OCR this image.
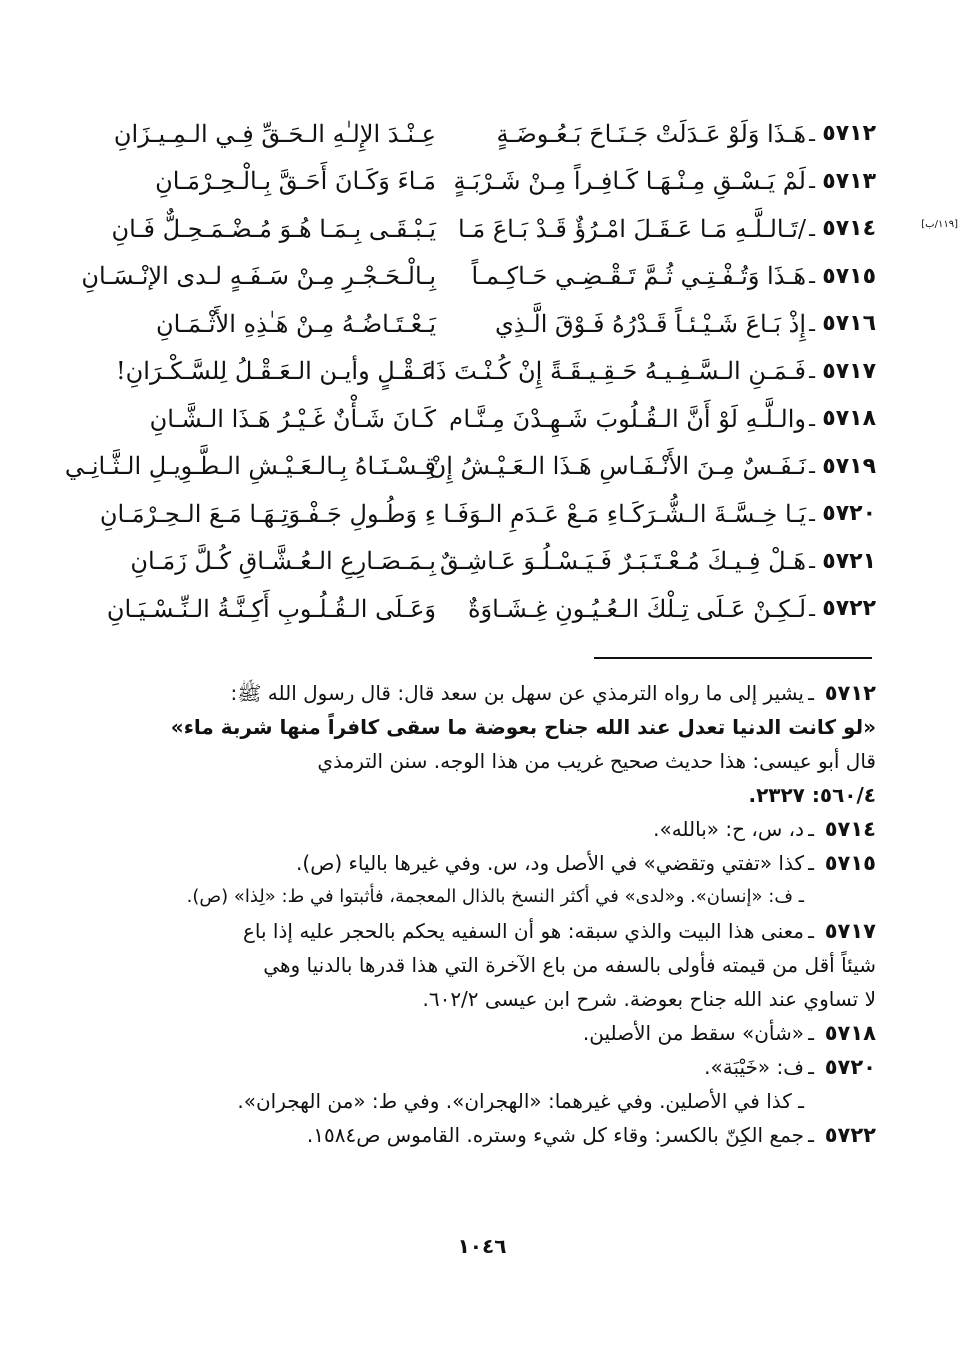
٥٧١٢
ـ
هَـذَا وَلَوْ عَـدَلَتْ جَـنَـاحَ بَـعُـوضَـةٍ
عِـنْـدَ الإِلـٰهِ الـحَـقِّ فِـي الـمِـيـزَانِ
٥٧١٣
ـ
لَمْ يَـسْـقِ مِـنْـهَـا كَـافِـراً مِـنْ شَـرْبَـةٍ
مَـاءَ وَكَـانَ أَحَـقَّ بِـالْـحِـرْمَـانِ
[١١٩/ب]
٥٧١٤
ـ
/تَـالـلَّـهِ مَـا عَـقَـلَ امْـرُؤٌ قَـدْ بَـاعَ مَـا
يَـبْـقَـى بِـمَـا هُـوَ مُـضْـمَـحِـلٌّ فَـانِ
٥٧١٥
ـ
هَـذَا وَتُـفْـتِـي ثُـمَّ تَـقْـضِـي حَـاكِـمـاً
بِـالْـحَـجْـرِ مِـنْ سَـفَـهٍ لـدى الإنْـسَـانِ
٥٧١٦
ـ
إِذْ بَـاعَ شَـيْـئـاً قَـدْرُهُ فَـوْقَ الَّـذِي
يَـعْـتَـاضُـهُ مِـنْ هَـٰذِهِ الأَثْـمَـانِ
٥٧١٧
ـ
فَـمَـنِ الـسَّـفِـيـهُ حَـقِـيـقَـةً إِنْ كُـنْـتَ ذَا
عَـقْـلٍ وأيـن الـعَـقْـلُ لِلسَّـكْـرَانِ!
٥٧١٨
ـ
والـلَّـهِ لَوْ أَنَّ الـقُـلُوبَ شَـهِـدْنَ مِـنَّـا
م
كَـانَ شَـأْنٌ غَـيْـرُ هَـذَا الـشَّـانِ
٥٧١٩
ـ
نَـفَـسٌ مِـنَ الأَنْـفَـاسِ هَـذَا الـعَـيْـشُ إِنْ
قِـسْـنَـاهُ بِـالـعَـيْـشِ الـطَّـوِيـلِ الـثَّـانِـي
٥٧٢٠
ـ
يَـا خِـسَّـةَ الـشُّـرَكَـاءِ مَـعْ عَـدَمِ الـوَفَـا
ءِ وَطُـولِ جَـفْـوَتِـهَـا مَـعَ الـحِـرْمَـانِ
٥٧٢١
ـ
هَـلْ فِـيـكَ مُـعْـتَـبَـرٌ فَـيَـسْـلُـوَ عَـاشِـقٌ
بِـمَـصَـارِعِ الـعُـشَّـاقِ كُـلَّ زَمَـانِ
٥٧٢٢
ـ
لَـكِـنْ عَـلَى تِـلْكَ الـعُـيُـونِ غِـشَـاوَةٌ
وَعَـلَى الـقُـلُـوبِ أَكِـنَّـةُ الـنِّـسْـيَـانِ
٥٧١٢
ـ
يشير إلى ما رواه الترمذي عن سهل بن سعد قال: قال رسول الله ﷺ:
«لو كانت الدنيا تعدل عند الله جناح بعوضة ما سقى كافراً منها شربة ماء»
قال أبو عيسى: هذا حديث صحيح غريب من هذا الوجه. سنن الترمذي
٥٦٠/٤: ٢٣٢٧.
٥٧١٤
ـ
د، س، ح: «بالله».
٥٧١٥
ـ
كذا «تفتي وتقضي» في الأصل ود، س. وفي غيرها بالياء (ص).
ـ ف: «إنسان». و«لدى» في أكثر النسخ بالذال المعجمة، فأثبتوا في ط: «لِذا» (ص).
٥٧١٧
ـ
معنى هذا البيت والذي سبقه: هو أن السفيه يحكم بالحجر عليه إذا باع
شيئاً أقل من قيمته فأولى بالسفه من باع الآخرة التي هذا قدرها بالدنيا وهي
لا تساوي عند الله جناح بعوضة. شرح ابن عيسى ٦٠٢/٢.
٥٧١٨
ـ
«شأن» سقط من الأصلين.
٥٧٢٠
ـ
ف: «خَيْبَة».
ـ كذا في الأصلين. وفي غيرهما: «الهجران». وفي ط: «من الهجران».
٥٧٢٢
ـ
جمع الكِنّ بالكسر: وقاء كل شيء وستره. القاموس ص١٥٨٤.
١٠٤٦
